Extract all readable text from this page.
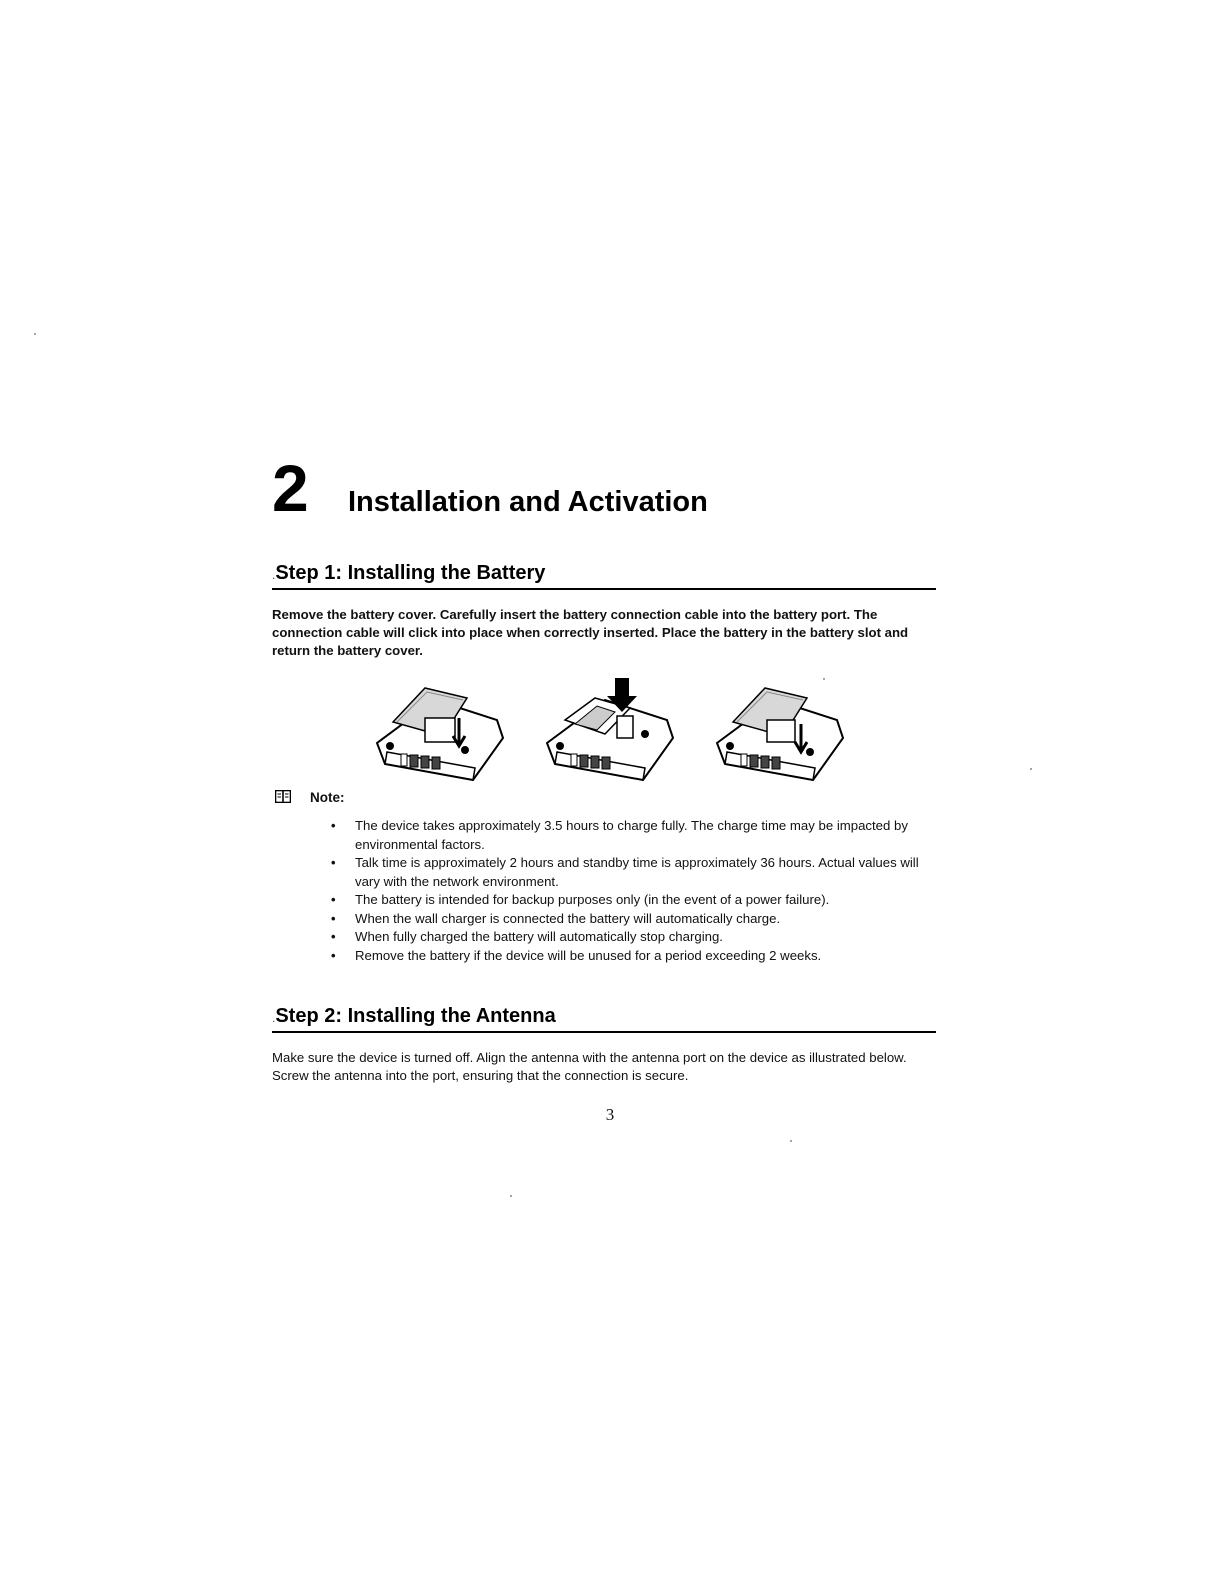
2 Installation and Activation
.Step 1: Installing the Battery
Remove the battery cover. Carefully insert the battery connection cable into the battery port. The connection cable will click into place when correctly inserted. Place the battery in the battery slot and return the battery cover.
Note:
• The device takes approximately 3.5 hours to charge fully. The charge time may be impacted by environmental factors.
• Talk time is approximately 2 hours and standby time is approximately 36 hours. Actual values will vary with the network environment.
• The battery is intended for backup purposes only (in the event of a power failure).
• When the wall charger is connected the battery will automatically charge.
• When fully charged the battery will automatically stop charging.
• Remove the battery if the device will be unused for a period exceeding 2 weeks.
.Step 2: Installing the Antenna
Make sure the device is turned off. Align the antenna with the antenna port on the device as illustrated below. Screw the antenna into the port, ensuring that the connection is secure.
3
